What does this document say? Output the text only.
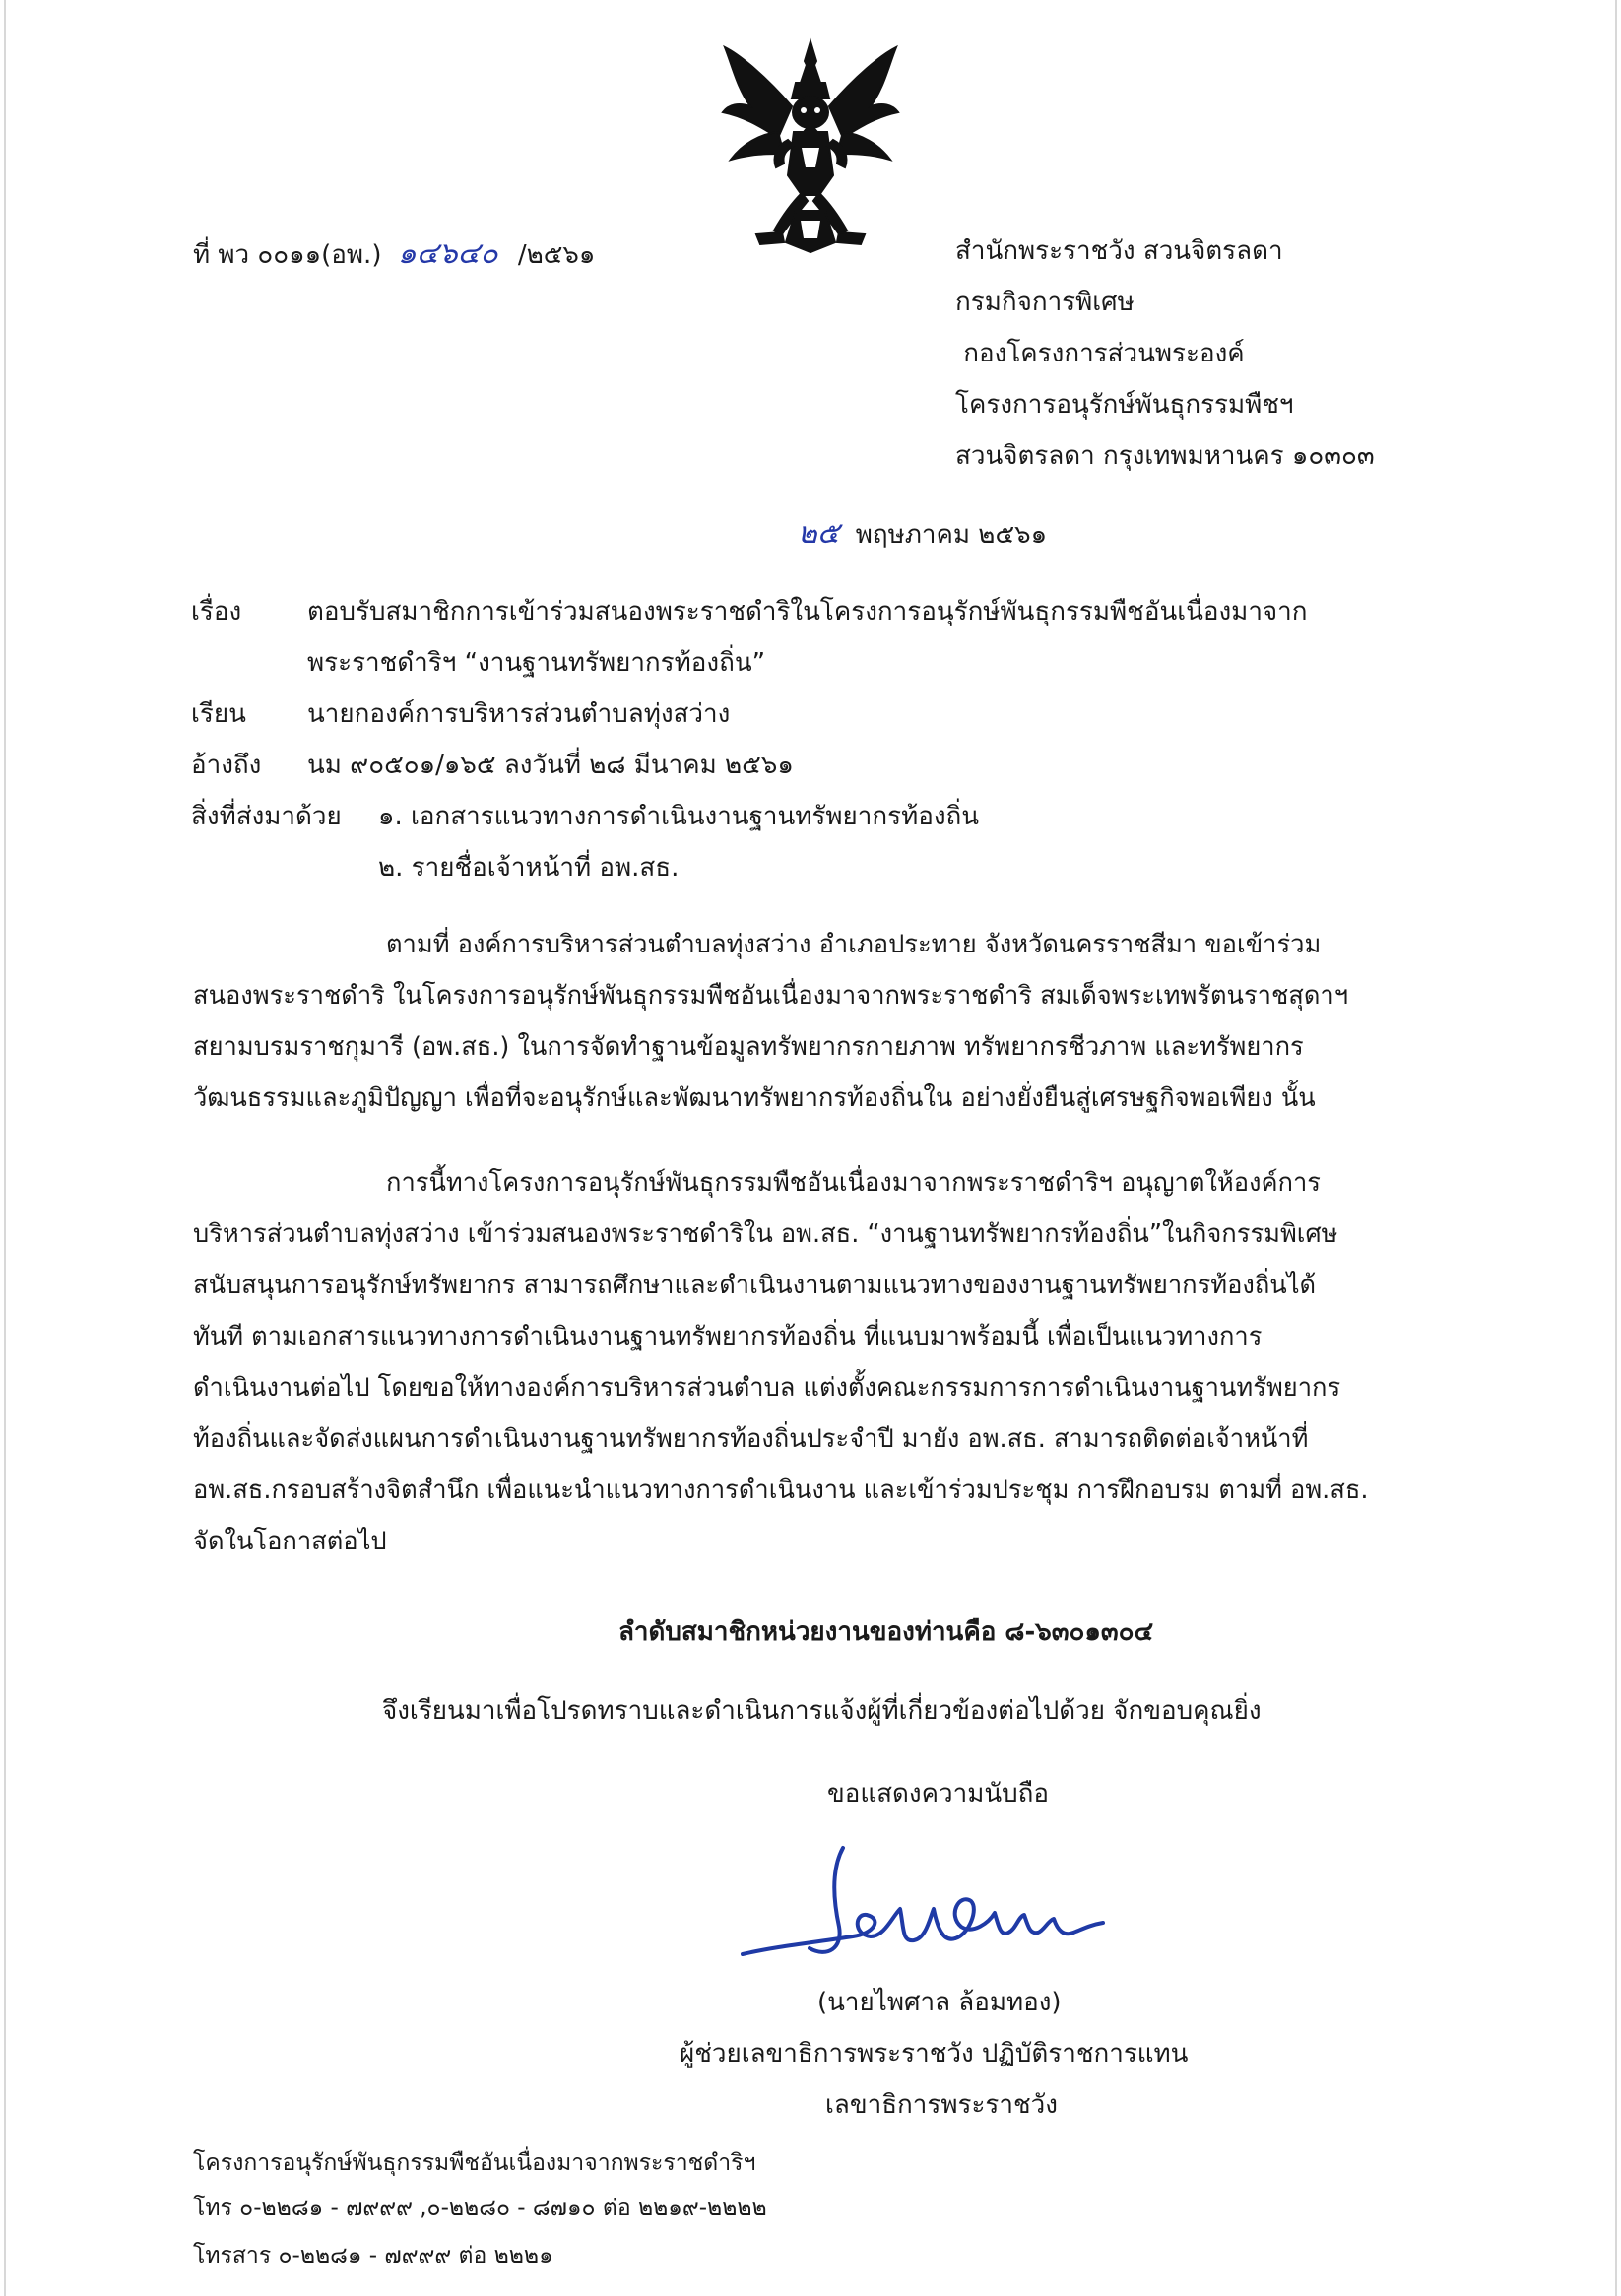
ที่ พว ๐๐๑๑(อพ.) ๑๔๖๔๐ /๒๕๖๑	สำนักพระราชวัง สวนจิตรลดา
กรมกิจการพิเศษ
กองโครงการส่วนพระองค์
โครงการอนุรักษ์พันธุกรรมพืชฯ
สวนจิตรลดา กรุงเทพมหานคร ๑๐๓๐๓
๒๕ พฤษภาคม ๒๕๖๑
เรื่อง	ตอบรับสมาชิกการเข้าร่วมสนองพระราชดำริในโครงการอนุรักษ์พันธุกรรมพืชอันเนื่องมาจาก
พระราชดำริฯ “งานฐานทรัพยากรท้องถิ่น”
เรียน นายกองค์การบริหารส่วนตำบลทุ่งสว่าง
อ้างถึง นม ๙๐๕๐๑/๑๖๕ ลงวันที่ ๒๘ มีนาคม ๒๕๖๑
สิ่งที่ส่งมาด้วย ๑. เอกสารแนวทางการดำเนินงานฐานทรัพยากรท้องถิ่น
๒. รายชื่อเจ้าหน้าที่ อพ.สธ.
ตามที่ องค์การบริหารส่วนตำบลทุ่งสว่าง อำเภอประทาย จังหวัดนครราชสีมา ขอเข้าร่วม
สนองพระราชดำริ ในโครงการอนุรักษ์พันธุกรรมพืชอันเนื่องมาจากพระราชดำริ สมเด็จพระเทพรัตนราชสุดาฯ
สยามบรมราชกุมารี (อพ.สธ.) ในการจัดทำฐานข้อมูลทรัพยากรกายภาพ ทรัพยากรชีวภาพ และทรัพยากร
วัฒนธรรมและภูมิปัญญา เพื่อที่จะอนุรักษ์และพัฒนาทรัพยากรท้องถิ่นใน อย่างยั่งยืนสู่เศรษฐกิจพอเพียง นั้น
การนี้ทางโครงการอนุรักษ์พันธุกรรมพืชอันเนื่องมาจากพระราชดำริฯ อนุญาตให้องค์การ
บริหารส่วนตำบลทุ่งสว่าง เข้าร่วมสนองพระราชดำริใน อพ.สธ. “งานฐานทรัพยากรท้องถิ่น”ในกิจกรรมพิเศษ
สนับสนุนการอนุรักษ์ทรัพยากร สามารถศึกษาและดำเนินงานตามแนวทางของงานฐานทรัพยากรท้องถิ่นได้
ทันที ตามเอกสารแนวทางการดำเนินงานฐานทรัพยากรท้องถิ่น ที่แนบมาพร้อมนี้ เพื่อเป็นแนวทางการ
ดำเนินงานต่อไป โดยขอให้ทางองค์การบริหารส่วนตำบล แต่งตั้งคณะกรรมการการดำเนินงานฐานทรัพยากร
ท้องถิ่นและจัดส่งแผนการดำเนินงานฐานทรัพยากรท้องถิ่นประจำปี มายัง อพ.สธ. สามารถติดต่อเจ้าหน้าที่
อพ.สธ.กรอบสร้างจิตสำนึก เพื่อแนะนำแนวทางการดำเนินงาน และเข้าร่วมประชุม การฝึกอบรม ตามที่ อพ.สธ.
จัดในโอกาสต่อไป
ลำดับสมาชิกหน่วยงานของท่านคือ ๘-๖๓๐๑๓๐๔
จึงเรียนมาเพื่อโปรดทราบและดำเนินการแจ้งผู้ที่เกี่ยวข้องต่อไปด้วย จักขอบคุณยิ่ง
ขอแสดงความนับถือ
(นายไพศาล ล้อมทอง)
ผู้ช่วยเลขาธิการพระราชวัง ปฏิบัติราชการแทน
เลขาธิการพระราชวัง
โครงการอนุรักษ์พันธุกรรมพืชอันเนื่องมาจากพระราชดำริฯ
โทร ๐-๒๒๘๑ - ๗๙๙๙ ,๐-๒๒๘๐ - ๘๗๑๐ ต่อ ๒๒๑๙-๒๒๒๒
โทรสาร ๐-๒๒๘๑ - ๗๙๙๙ ต่อ ๒๒๒๑
